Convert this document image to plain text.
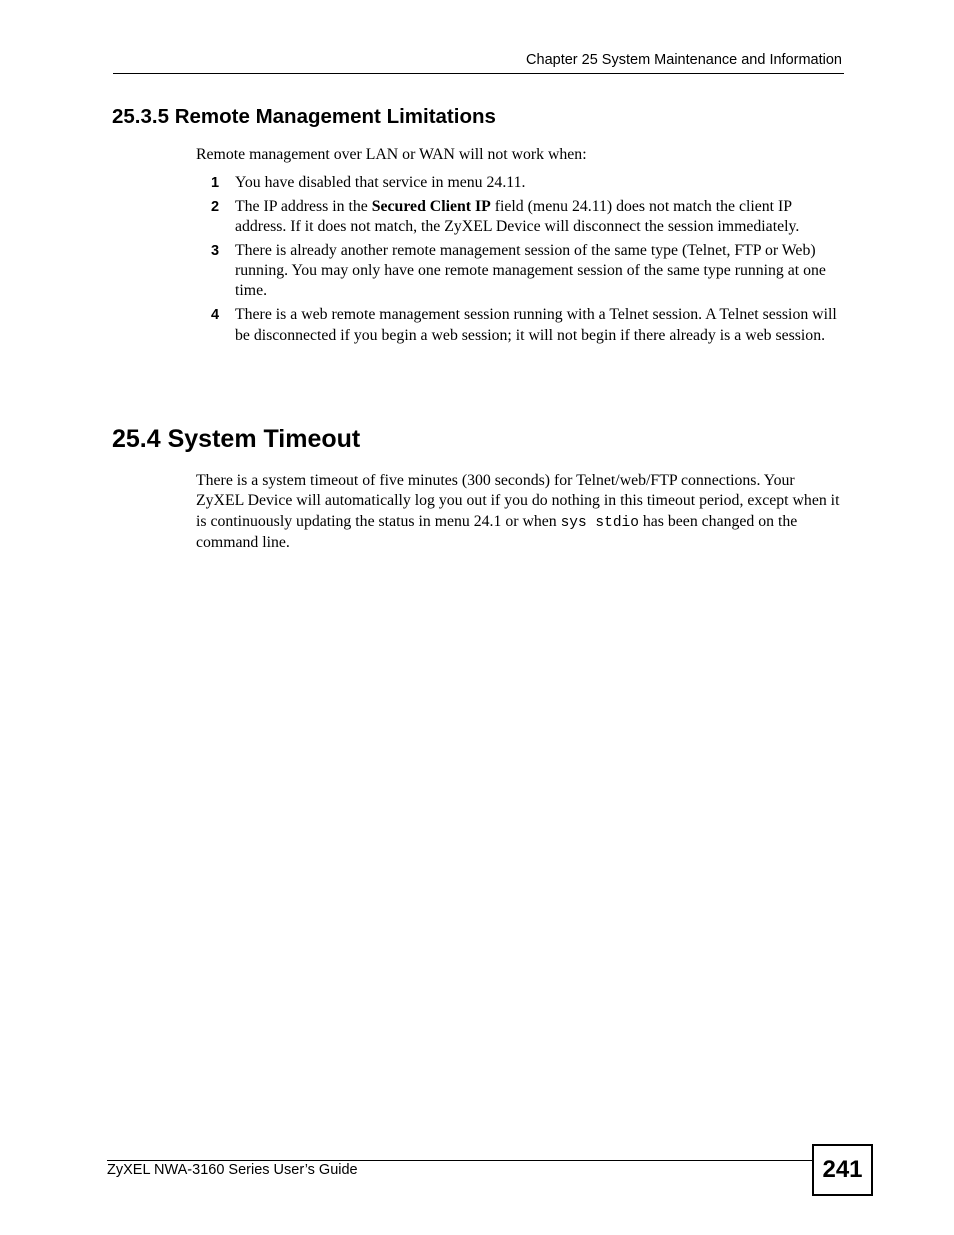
Chapter 25 System Maintenance and Information
25.3.5 Remote Management Limitations

Remote management over LAN or WAN will not work when:

1 You have disabled that service in menu 24.11.
2 The IP address in the Secured Client IP field (menu 24.11) does not match the client IP address. If it does not match, the ZyXEL Device will disconnect the session immediately.
3 There is already another remote management session of the same type (Telnet, FTP or Web) running. You may only have one remote management session of the same type running at one time.
4 There is a web remote management session running with a Telnet session. A Telnet session will be disconnected if you begin a web session; it will not begin if there already is a web session.
25.4 System Timeout

There is a system timeout of five minutes (300 seconds) for Telnet/web/FTP connections. Your ZyXEL Device will automatically log you out if you do nothing in this timeout period, except when it is continuously updating the status in menu 24.1 or when sys stdio has been changed on the command line.

ZyXEL NWA-3160 Series User’s Guide	241
